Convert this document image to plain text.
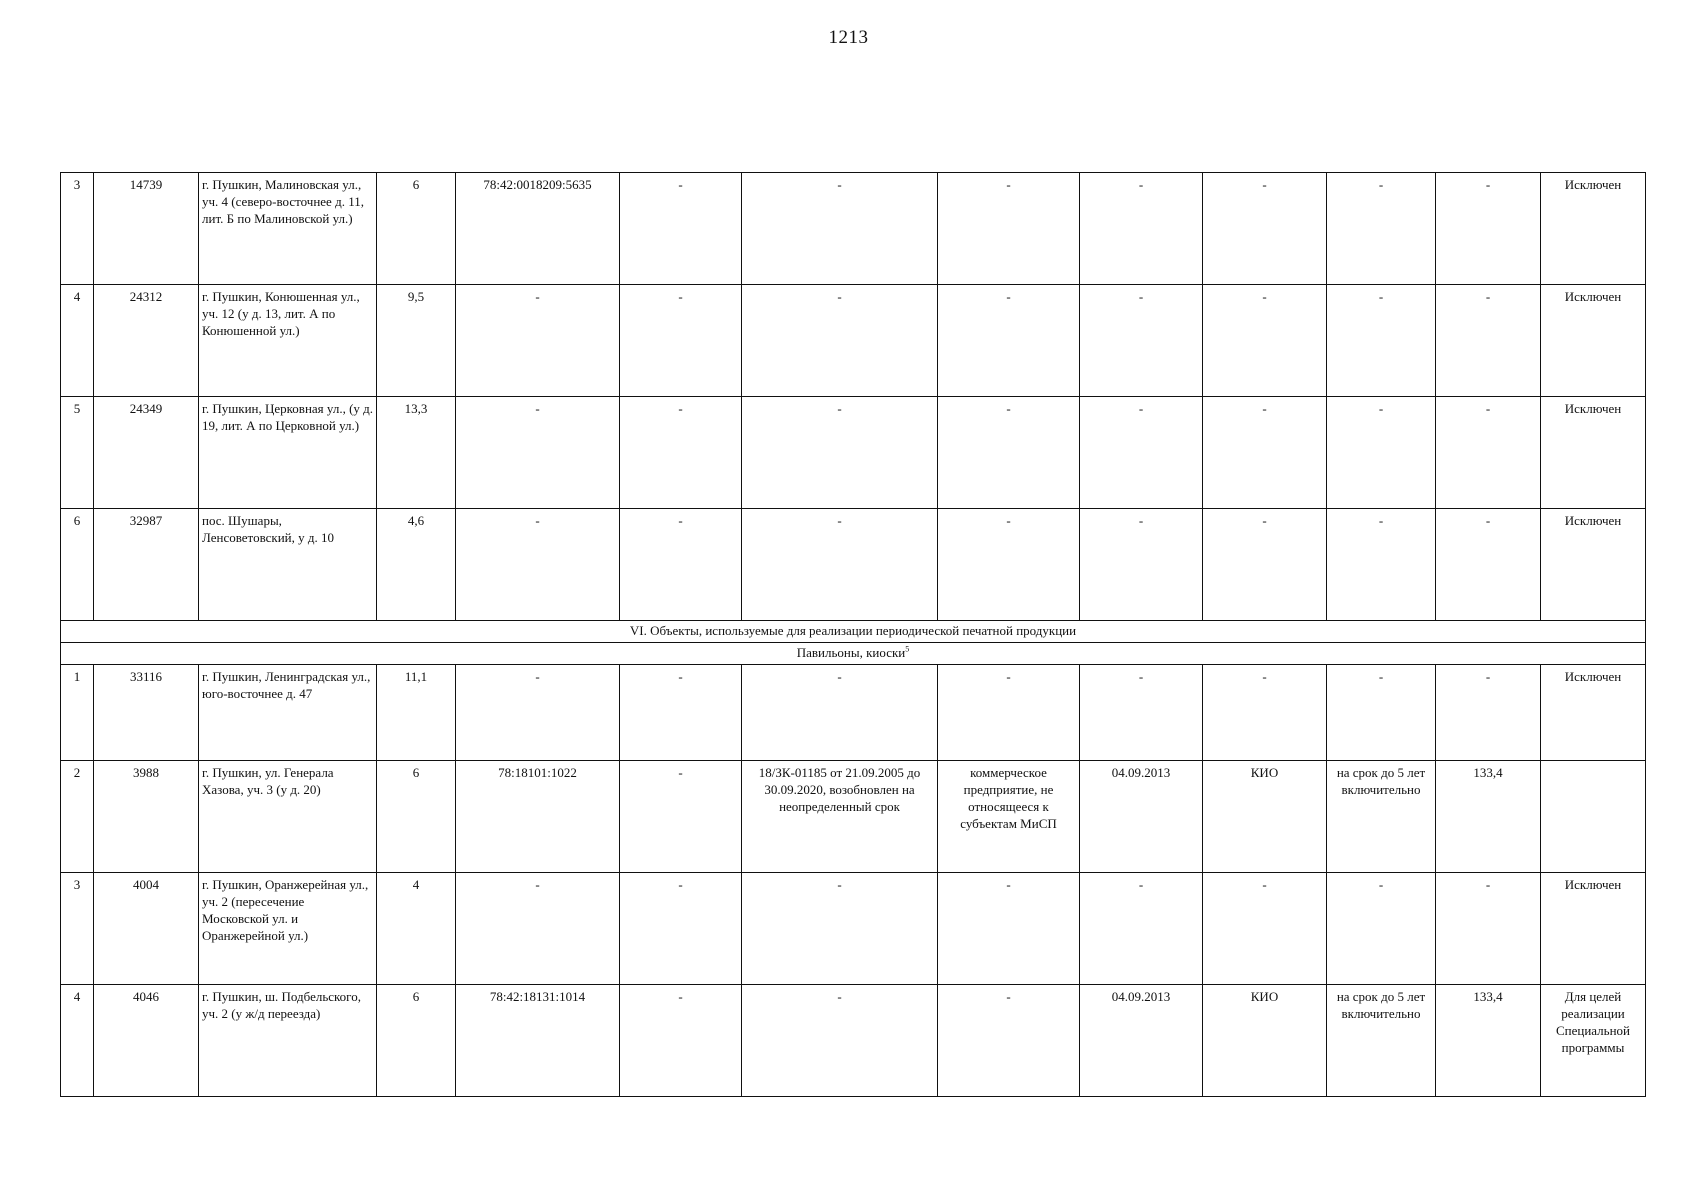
1213
3	14739	г. Пушкин, Малиновская ул., уч. 4 (северо-восточнее д. 11, лит. Б по Малиновской ул.)	6	78:42:0018209:5635	-	-	-	-	-	-	-	Исключен
4	24312	г. Пушкин, Конюшенная ул., уч. 12 (у д. 13, лит. А по Конюшенной ул.)	9,5	-	-	-	-	-	-	-	-	Исключен
5	24349	г. Пушкин, Церковная ул., (у д. 19, лит. А по Церковной ул.)	13,3	-	-	-	-	-	-	-	-	Исключен
6	32987	пос. Шушары, Ленсоветовский, у д. 10	4,6	-	-	-	-	-	-	-	-	Исключен
VI. Объекты, используемые для реализации периодической печатной продукции												
Павильоны, киоски$^5$
1	33116	г. Пушкин, Ленинградская ул., юго-восточнее д. 47	11,1	-	-	-	-	-	-	-	-	Исключен
2	3988	г. Пушкин, ул. Генерала Хазова, уч. 3 (у д. 20)	6	78:18101:1022	-	18/ЗК-01185 от 21.09.2005 до 30.09.2020, возобновлен на неопределенный срок	коммерческое предприятие, не относящееся к субъектам МиСП	04.09.2013	КИО	на срок до 5 лет включительно	133,4	
3	4004	г. Пушкин, Оранжерейная ул., уч. 2 (пересечение Московской ул. и Оранжерейной ул.)	4	-	-	-	-	-	-	-	-	Исключен
4	4046	г. Пушкин, ш. Подбельского, уч. 2 (у ж/д переезда)	6	78:42:18131:1014	-	-	-	04.09.2013	КИО	на срок до 5 лет включительно	133,4	Для целей реализации Специальной программы
